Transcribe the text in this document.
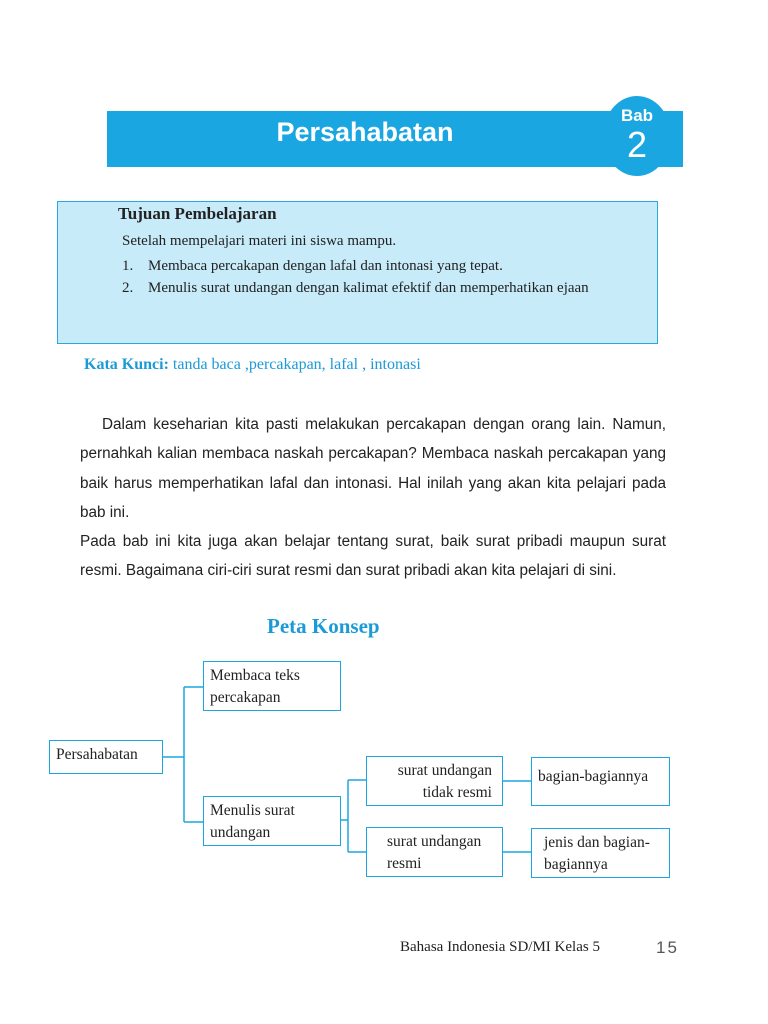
Persahabatan
Bab
2
Tujuan Pembelajaran
Setelah mempelajari materi ini siswa mampu.
1. Membaca percakapan dengan lafal dan intonasi yang tepat.
2. Menulis surat undangan dengan kalimat efektif dan memperhatikan ejaan
Kata Kunci: tanda baca ,percakapan, lafal , intonasi

Dalam keseharian kita pasti melakukan percakapan dengan orang lain. Namun, pernahkah kalian membaca naskah percakapan? Membaca naskah percakapan yang baik harus memperhatikan lafal dan intonasi. Hal inilah yang akan kita pelajari pada bab ini.

Pada bab ini kita juga akan belajar tentang surat, baik surat pribadi maupun surat resmi. Bagaimana ciri-ciri surat resmi dan surat pribadi akan kita pelajari di sini.

Peta Konsep
Persahabatan
Membaca teks percakapan
Menulis surat undangan
surat undangan tidak resmi
bagian-bagiannya
surat undangan resmi
jenis dan bagian-bagiannya
Bahasa Indonesia SD/MI Kelas 5	15
